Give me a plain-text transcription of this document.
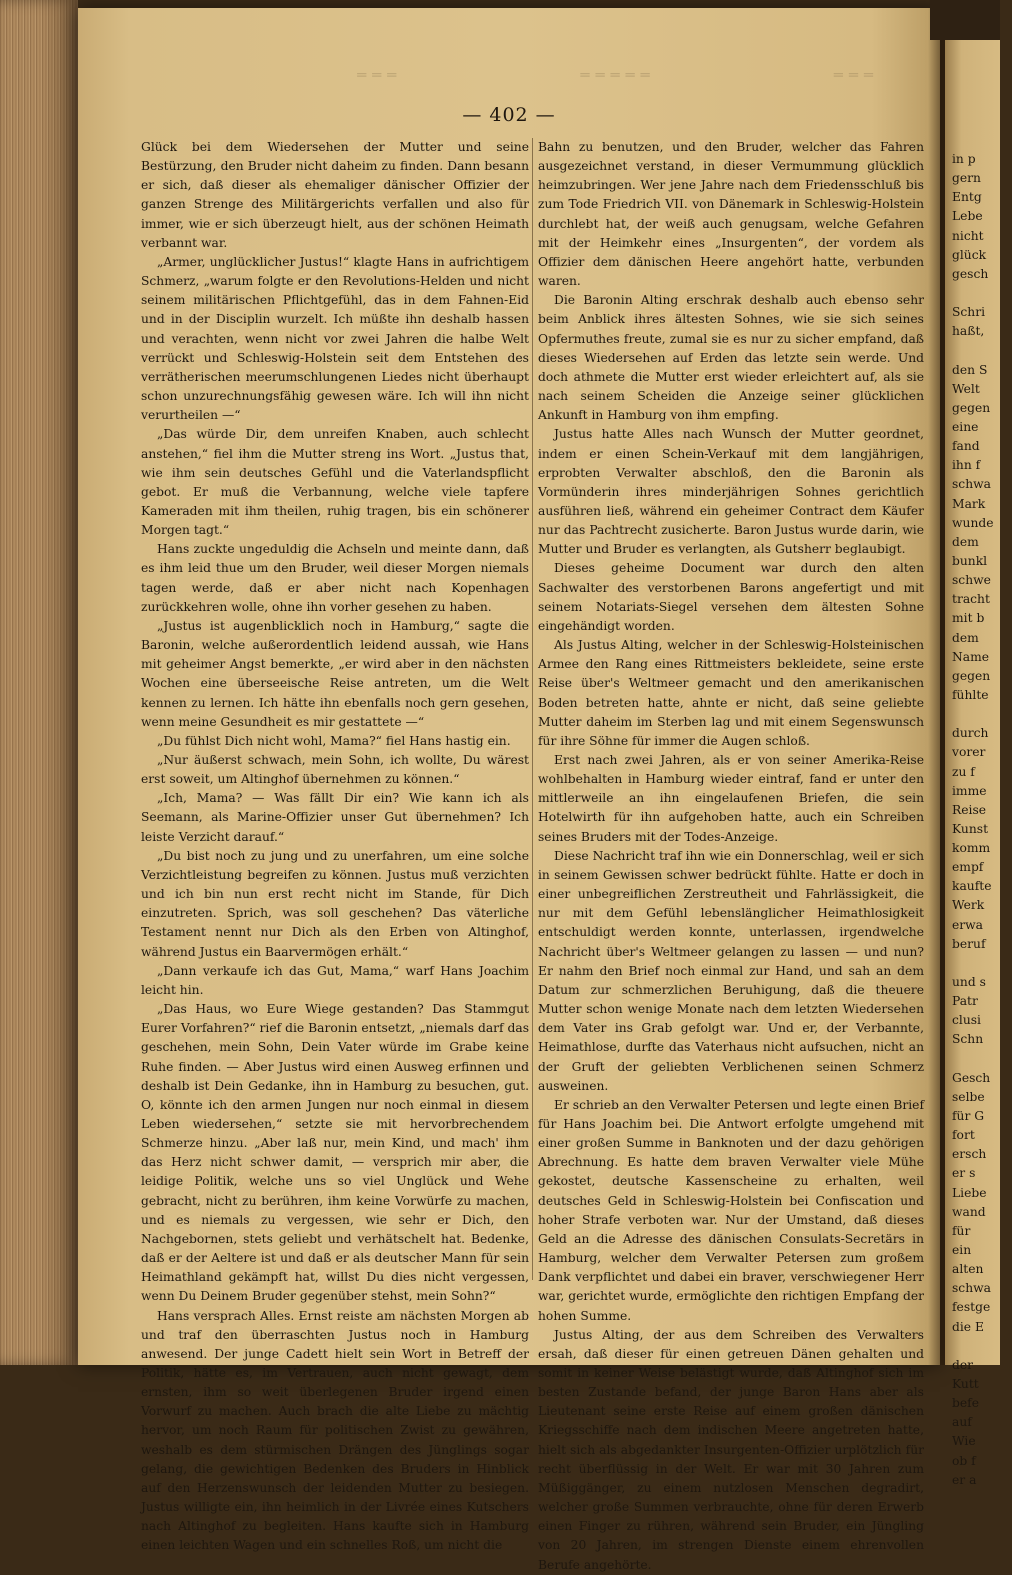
═══	═════	═══
— 402 —

Glück bei dem Wiedersehen der Mutter und seine Bestürzung, den Bruder nicht daheim zu finden. Dann besann er sich, daß dieser als ehemaliger dänischer Offizier der ganzen Strenge des Militärgerichts verfallen und also für immer, wie er sich überzeugt hielt, aus der schönen Heimath verbannt war.

„Armer, unglücklicher Justus!“ klagte Hans in aufrichtigem Schmerz, „warum folgte er den Revolutions-Helden und nicht seinem militärischen Pflichtgefühl, das in dem Fahnen-Eid und in der Disciplin wurzelt. Ich müßte ihn deshalb hassen und verachten, wenn nicht vor zwei Jahren die halbe Welt verrückt und Schleswig-Holstein seit dem Entstehen des verrätherischen meerumschlungenen Liedes nicht überhaupt schon unzurechnungsfähig gewesen wäre. Ich will ihn nicht verurtheilen —“

„Das würde Dir, dem unreifen Knaben, auch schlecht anstehen,“ fiel ihm die Mutter streng ins Wort. „Justus that, wie ihm sein deutsches Gefühl und die Vaterlandspflicht gebot. Er muß die Verbannung, welche viele tapfere Kameraden mit ihm theilen, ruhig tragen, bis ein schönerer Morgen tagt.“

Hans zuckte ungeduldig die Achseln und meinte dann, daß es ihm leid thue um den Bruder, weil dieser Morgen niemals tagen werde, daß er aber nicht nach Kopenhagen zurückkehren wolle, ohne ihn vorher gesehen zu haben.

„Justus ist augenblicklich noch in Hamburg,“ sagte die Baronin, welche außerordentlich leidend aussah, wie Hans mit geheimer Angst bemerkte, „er wird aber in den nächsten Wochen eine überseeische Reise antreten, um die Welt kennen zu lernen. Ich hätte ihn ebenfalls noch gern gesehen, wenn meine Gesundheit es mir gestattete —“

„Du fühlst Dich nicht wohl, Mama?“ fiel Hans hastig ein.

„Nur äußerst schwach, mein Sohn, ich wollte, Du wärest erst soweit, um Altinghof übernehmen zu können.“

„Ich, Mama? — Was fällt Dir ein? Wie kann ich als Seemann, als Marine-Offizier unser Gut übernehmen? Ich leiste Verzicht darauf.“

„Du bist noch zu jung und zu unerfahren, um eine solche Verzichtleistung begreifen zu können. Justus muß verzichten und ich bin nun erst recht nicht im Stande, für Dich einzutreten. Sprich, was soll geschehen? Das väterliche Testament nennt nur Dich als den Erben von Altinghof, während Justus ein Baarvermögen erhält.“

„Dann verkaufe ich das Gut, Mama,“ warf Hans Joachim leicht hin.

„Das Haus, wo Eure Wiege gestanden? Das Stammgut Eurer Vorfahren?“ rief die Baronin entsetzt, „niemals darf das geschehen, mein Sohn, Dein Vater würde im Grabe keine Ruhe finden. — Aber Justus wird einen Ausweg erfinnen und deshalb ist Dein Gedanke, ihn in Hamburg zu besuchen, gut. O, könnte ich den armen Jungen nur noch einmal in diesem Leben wiedersehen,“ setzte sie mit hervorbrechendem Schmerze hinzu. „Aber laß nur, mein Kind, und mach' ihm das Herz nicht schwer damit, — versprich mir aber, die leidige Politik, welche uns so viel Unglück und Wehe gebracht, nicht zu berühren, ihm keine Vorwürfe zu machen, und es niemals zu vergessen, wie sehr er Dich, den Nachgebornen, stets geliebt und verhätschelt hat. Bedenke, daß er der Aeltere ist und daß er als deutscher Mann für sein Heimathland gekämpft hat, willst Du dies nicht vergessen, wenn Du Deinem Bruder gegenüber stehst, mein Sohn?“

Hans versprach Alles. Ernst reiste am nächsten Morgen ab und traf den überraschten Justus noch in Hamburg anwesend. Der junge Cadett hielt sein Wort in Betreff der Politik, hätte es, im Vertrauen, auch nicht gewagt, dem ernsten, ihm so weit überlegenen Bruder irgend einen Vorwurf zu machen. Auch brach die alte Liebe zu mächtig hervor, um noch Raum für politischen Zwist zu gewähren, weshalb es dem stürmischen Drängen des Jünglings sogar gelang, die gewichtigen Bedenken des Bruders in Hinblick auf den Herzenswunsch der leidenden Mutter zu besiegen. Justus willigte ein, ihn heimlich in der Livrée eines Kutschers nach Altinghof zu begleiten. Hans kaufte sich in Hamburg einen leichten Wagen und ein schnelles Roß, um nicht die

Bahn zu benutzen, und den Bruder, welcher das Fahren ausgezeichnet verstand, in dieser Vermummung glücklich heimzubringen. Wer jene Jahre nach dem Friedensschluß bis zum Tode Friedrich VII. von Dänemark in Schleswig-Holstein durchlebt hat, der weiß auch genugsam, welche Gefahren mit der Heimkehr eines „Insurgenten“, der vordem als Offizier dem dänischen Heere angehört hatte, verbunden waren.

Die Baronin Alting erschrak deshalb auch ebenso sehr beim Anblick ihres ältesten Sohnes, wie sie sich seines Opfermuthes freute, zumal sie es nur zu sicher empfand, daß dieses Wiedersehen auf Erden das letzte sein werde. Und doch athmete die Mutter erst wieder erleichtert auf, als sie nach seinem Scheiden die Anzeige seiner glücklichen Ankunft in Hamburg von ihm empfing.

Justus hatte Alles nach Wunsch der Mutter geordnet, indem er einen Schein-Verkauf mit dem langjährigen, erprobten Verwalter abschloß, den die Baronin als Vormünderin ihres minderjährigen Sohnes gerichtlich ausführen ließ, während ein geheimer Contract dem Käufer nur das Pachtrecht zusicherte. Baron Justus wurde darin, wie Mutter und Bruder es verlangten, als Gutsherr beglaubigt.

Dieses geheime Document war durch den alten Sachwalter des verstorbenen Barons angefertigt und mit seinem Notariats-Siegel versehen dem ältesten Sohne eingehändigt worden.

Als Justus Alting, welcher in der Schleswig-Holsteinischen Armee den Rang eines Rittmeisters bekleidete, seine erste Reise über's Weltmeer gemacht und den amerikanischen Boden betreten hatte, ahnte er nicht, daß seine geliebte Mutter daheim im Sterben lag und mit einem Segenswunsch für ihre Söhne für immer die Augen schloß.

Erst nach zwei Jahren, als er von seiner Amerika-Reise wohlbehalten in Hamburg wieder eintraf, fand er unter den mittlerweile an ihn eingelaufenen Briefen, die sein Hotelwirth für ihn aufgehoben hatte, auch ein Schreiben seines Bruders mit der Todes-Anzeige.

Diese Nachricht traf ihn wie ein Donnerschlag, weil er sich in seinem Gewissen schwer bedrückt fühlte. Hatte er doch in einer unbegreiflichen Zerstreutheit und Fahrlässigkeit, die nur mit dem Gefühl lebenslänglicher Heimathlosigkeit entschuldigt werden konnte, unterlassen, irgendwelche Nachricht über's Weltmeer gelangen zu lassen — und nun? Er nahm den Brief noch einmal zur Hand, und sah an dem Datum zur schmerzlichen Beruhigung, daß die theuere Mutter schon wenige Monate nach dem letzten Wiedersehen dem Vater ins Grab gefolgt war. Und er, der Verbannte, Heimathlose, durfte das Vaterhaus nicht aufsuchen, nicht an der Gruft der geliebten Verblichenen seinen Schmerz ausweinen.

Er schrieb an den Verwalter Petersen und legte einen Brief für Hans Joachim bei. Die Antwort erfolgte umgehend mit einer großen Summe in Banknoten und der dazu gehörigen Abrechnung. Es hatte dem braven Verwalter viele Mühe gekostet, deutsche Kassenscheine zu erhalten, weil deutsches Geld in Schleswig-Holstein bei Confiscation und hoher Strafe verboten war. Nur der Umstand, daß dieses Geld an die Adresse des dänischen Consulats-Secretärs in Hamburg, welcher dem Verwalter Petersen zum großem Dank verpflichtet und dabei ein braver, verschwiegener Herr war, gerichtet wurde, ermöglichte den richtigen Empfang der hohen Summe.

Justus Alting, der aus dem Schreiben des Verwalters ersah, daß dieser für einen getreuen Dänen gehalten und somit in keiner Weise belästigt wurde, daß Altinghof sich im besten Zustande befand, der junge Baron Hans aber als Lieutenant seine erste Reise auf einem großen dänischen Kriegsschiffe nach dem indischen Meere angetreten hatte, hielt sich als abgedankter Insurgenten-Offizier urplötzlich für recht überflüssig in der Welt. Er war mit 30 Jahren zum Müßiggänger, zu einem nutzlosen Menschen degradirt, welcher große Summen verbrauchte, ohne für deren Erwerb einen Finger zu rühren, während sein Bruder, ein Jüngling von 20 Jahren, im strengen Dienste einem ehrenvollen Berufe angehörte.

in p
gern
Entg
Lebe
nicht
glück
gesch
Schri
haßt,
den S
Welt
gegen
eine
fand
ihn f
schwa
Mark
wunde
dem
bunkl
schwe
tracht
mit b
dem
Name
gegen
fühlte
durch
vorer
zu f
imme
Reise
Kunst
komm
empf
kaufte
Werk
erwa
beruf
und s
Patr
clusi
Schn
Gesch
selbe
für G
fort
ersch
er s
Liebe
wand
für
ein
alten
schwa
festge
die E
der
Kutt
befe
auf
Wie
ob f
er a
